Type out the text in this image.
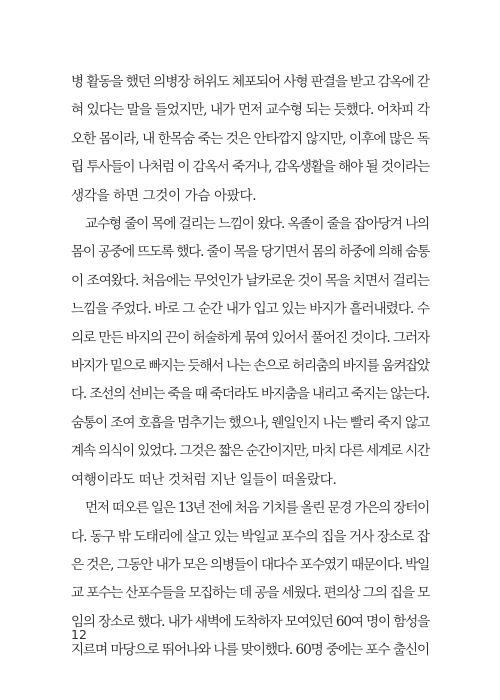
병 활동을 했던 의병장 허위도 체포되어 사형 판결을 받고 감옥에 갇
혀 있다는 말을 들었지만, 내가 먼저 교수형 되는 듯했다. 어차피 각
오한 몸이라, 내 한목숨 죽는 것은 안타깝지 않지만, 이후에 많은 독
립 투사들이 나처럼 이 감옥서 죽거나, 감옥생활을 해야 될 것이라는
생각을 하면 그것이 가슴 아팠다.
교수형 줄이 목에 걸리는 느낌이 왔다. 옥졸이 줄을 잡아당겨 나의
몸이 공중에 뜨도록 했다. 줄이 목을 당기면서 몸의 하중에 의해 숨통
이 조여왔다. 처음에는 무엇인가 날카로운 것이 목을 치면서 걸리는
느낌을 주었다. 바로 그 순간 내가 입고 있는 바지가 흘러내렸다. 수
의로 만든 바지의 끈이 허술하게 묶여 있어서 풀어진 것이다. 그러자
바지가 밑으로 빠지는 듯해서 나는 손으로 허리춤의 바지를 움켜잡았
다. 조선의 선비는 죽을 때 죽더라도 바지춤을 내리고 죽지는 않는다.
숨통이 조여 호흡을 멈추기는 했으나, 웬일인지 나는 빨리 죽지 않고
계속 의식이 있었다. 그것은 짧은 순간이지만, 마치 다른 세계로 시간
여행이라도 떠난 것처럼 지난 일들이 떠올랐다.
먼저 떠오른 일은 13년 전에 처음 기치를 올린 문경 가은의 장터이
다. 동구 밖 도태리에 살고 있는 박일교 포수의 집을 거사 장소로 잡
은 것은, 그동안 내가 모은 의병들이 대다수 포수였기 때문이다. 박일
교 포수는 산포수들을 모집하는 데 공을 세웠다. 편의상 그의 집을 모
임의 장소로 했다. 내가 새벽에 도착하자 모여있던 60여 명이 함성을
지르며 마당으로 뛰어나와 나를 맞이했다. 60명 중에는 포수 출신이
12
